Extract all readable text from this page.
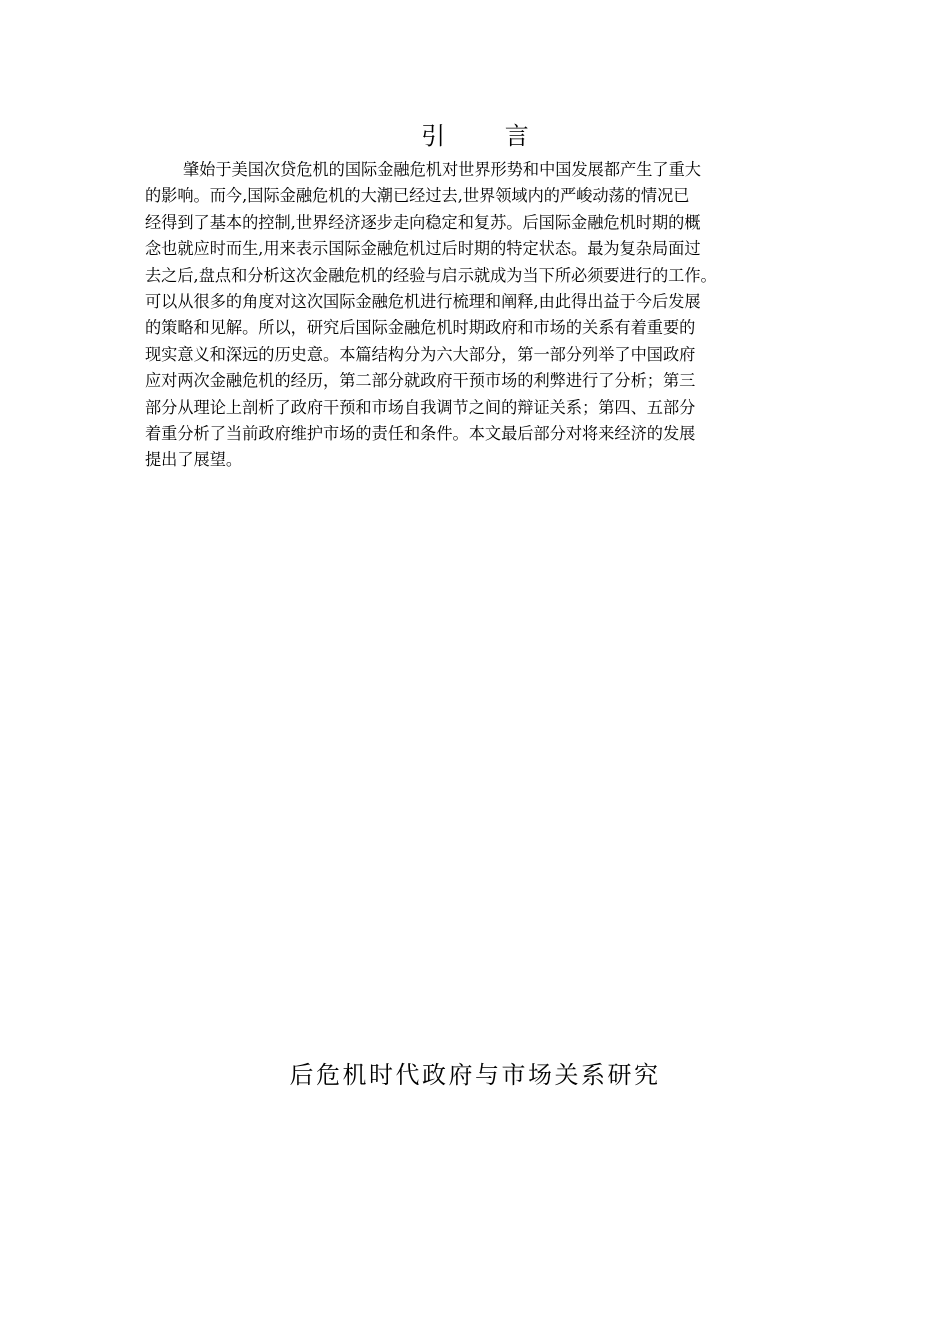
引 言
肇始于美国次贷危机的国际金融危机对世界形势和中国发展都产生了重大
的影响。而今,国际金融危机的大潮已经过去,世界领域内的严峻动荡的情况已
经得到了基本的控制,世界经济逐步走向稳定和复苏。后国际金融危机时期的概
念也就应时而生,用来表示国际金融危机过后时期的特定状态。最为复杂局面过
去之后,盘点和分析这次金融危机的经验与启示就成为当下所必须要进行的工作。
可以从很多的角度对这次国际金融危机进行梳理和阐释,由此得出益于今后发展
的策略和见解。所以，研究后国际金融危机时期政府和市场的关系有着重要的
现实意义和深远的历史意。本篇结构分为六大部分，第一部分列举了中国政府
应对两次金融危机的经历，第二部分就政府干预市场的利弊进行了分析；第三
部分从理论上剖析了政府干预和市场自我调节之间的辩证关系；第四、五部分
着重分析了当前政府维护市场的责任和条件。本文最后部分对将来经济的发展
提出了展望。
后危机时代政府与市场关系研究
